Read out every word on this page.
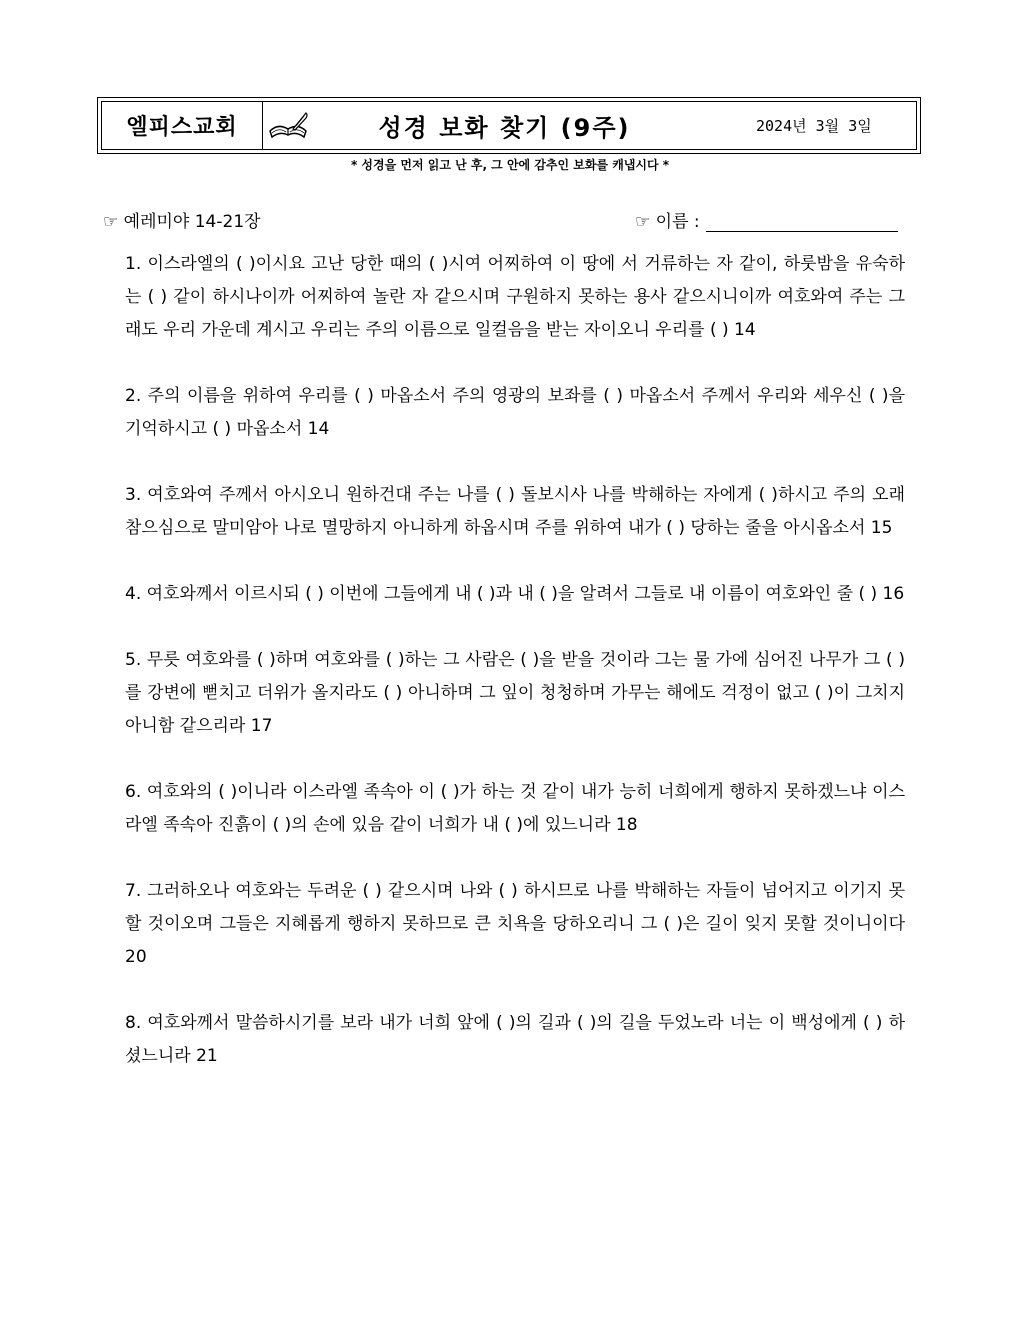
엘피스교회	성경 보화 찾기 (9주)	2024년 3월 3일
* 성경을 먼저 읽고 난 후, 그 안에 감추인 보화를 캐냅시다 *
☞ 예레미야 14-21장	☞ 이름 :
1. 이스라엘의 ( )이시요 고난 당한 때의 ( )시여 어찌하여 이 땅에 서 거류하는 자 같이, 하룻밤을 유숙하는 ( ) 같이 하시나이까 어찌하여 놀란 자 같으시며 구원하지 못하는 용사 같으시니이까 여호와여 주는 그래도 우리 가운데 계시고 우리는 주의 이름으로 일컬음을 받는 자이오니 우리를 ( ) 14
2. 주의 이름을 위하여 우리를 ( ) 마옵소서 주의 영광의 보좌를 ( ) 마옵소서 주께서 우리와 세우신 ( )을 기억하시고 ( ) 마옵소서 14
3. 여호와여 주께서 아시오니 원하건대 주는 나를 ( ) 돌보시사 나를 박해하는 자에게 ( )하시고 주의 오래 참으심으로 말미암아 나로 멸망하지 아니하게 하옵시며 주를 위하여 내가 ( ) 당하는 줄을 아시옵소서 15
4. 여호와께서 이르시되 ( ) 이번에 그들에게 내 ( )과 내 ( )을 알려서 그들로 내 이름이 여호와인 줄 ( ) 16
5. 무릇 여호와를 ( )하며 여호와를 ( )하는 그 사람은 ( )을 받을 것이라 그는 물 가에 심어진 나무가 그 ( )를 강변에 뻗치고 더위가 올지라도 ( ) 아니하며 그 잎이 청청하며 가무는 해에도 걱정이 없고 ( )이 그치지 아니함 같으리라 17
6. 여호와의 ( )이니라 이스라엘 족속아 이 ( )가 하는 것 같이 내가 능히 너희에게 행하지 못하겠느냐 이스라엘 족속아 진흙이 ( )의 손에 있음 같이 너희가 내 ( )에 있느니라 18
7. 그러하오나 여호와는 두려운 ( ) 같으시며 나와 ( ) 하시므로 나를 박해하는 자들이 넘어지고 이기지 못할 것이오며 그들은 지혜롭게 행하지 못하므로 큰 치욕을 당하오리니 그 ( )은 길이 잊지 못할 것이니이다 20
8. 여호와께서 말씀하시기를 보라 내가 너희 앞에 ( )의 길과 ( )의 길을 두었노라 너는 이 백성에게 ( ) 하셨느니라 21
